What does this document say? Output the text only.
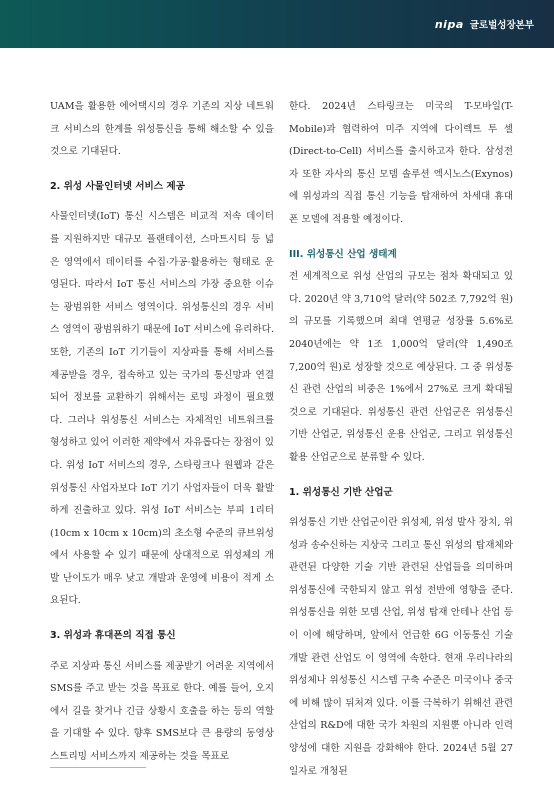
nipa 글로벌성장본부

UAM을 활용한 에어택시의 경우 기존의 지상 네트워크 서비스의 한계를 위성통신을 통해 해소할 수 있을 것으로 기대된다.

2. 위성 사물인터넷 서비스 제공

사물인터넷(IoT) 통신 시스템은 비교적 저속 데이터를 지원하지만 대규모 플랜테이션, 스마트시티 등 넓은 영역에서 데이터를 수집·가공·활용하는 형태로 운영된다. 따라서 IoT 통신 서비스의 가장 중요한 이슈는 광범위한 서비스 영역이다. 위성통신의 경우 서비스 영역이 광범위하기 때문에 IoT 서비스에 유리하다. 또한, 기존의 IoT 기기들이 지상파를 통해 서비스를 제공받을 경우, 접속하고 있는 국가의 통신망과 연결되어 정보를 교환하기 위해서는 로밍 과정이 필요했다. 그러나 위성통신 서비스는 자체적인 네트워크를 형성하고 있어 이러한 제약에서 자유롭다는 장점이 있다. 위성 IoT 서비스의 경우, 스타링크나 원웹과 같은 위성통신 사업자보다 IoT 기기 사업자들이 더욱 활발하게 진출하고 있다. 위성 IoT 서비스는 부피 1리터(10cm x 10cm x 10cm)의 초소형 수준의 큐브위성에서 사용할 수 있기 때문에 상대적으로 위성체의 개발 난이도가 매우 낮고 개발과 운영에 비용이 적게 소요된다.

3. 위성과 휴대폰의 직접 통신

주로 지상파 통신 서비스를 제공받기 어려운 지역에서 SMS를 주고 받는 것을 목표로 한다. 예를 들어, 오지에서 길을 찾거나 긴급 상황시 호출을 하는 등의 역할을 기대할 수 있다. 향후 SMS보다 큰 용량의 동영상 스트리밍 서비스까지 제공하는 것을 목표로

한다. 2024년 스타링크는 미국의 T-모바일(T-Mobile)과 협력하여 미주 지역에 다이렉트 투 셀(Direct-to-Cell) 서비스를 출시하고자 한다. 삼성전자 또한 자사의 통신 모뎀 솔루션 엑시노스(Exynos)에 위성과의 직접 통신 기능을 탑재하여 차세대 휴대폰 모델에 적용할 예정이다.

III. 위성통신 산업 생태계

전 세계적으로 위성 산업의 규모는 점차 확대되고 있다. 2020년 약 3,710억 달러(약 502조 7,792억 원)의 규모를 기록했으며 최대 연평균 성장률 5.6%로 2040년에는 약 1조 1,000억 달러(약 1,490조 7,200억 원)로 성장할 것으로 예상된다. 그 중 위성통신 관련 산업의 비중은 1%에서 27%로 크게 확대될 것으로 기대된다. 위성통신 관련 산업군은 위성통신 기반 산업군, 위성통신 운용 산업군, 그리고 위성통신 활용 산업군으로 분류할 수 있다.

1. 위성통신 기반 산업군

위성통신 기반 산업군이란 위성체, 위성 발사 장치, 위성과 송수신하는 지상국 그리고 통신 위성의 탑재체와 관련된 다양한 기술 기반 관련된 산업들을 의미하며 위성통신에 국한되지 않고 위성 전반에 영향을 준다. 위성통신을 위한 모뎀 산업, 위성 탑재 안테나 산업 등이 이에 해당하며, 앞에서 언급한 6G 이동통신 기술 개발 관련 산업도 이 영역에 속한다. 현재 우리나라의 위성체나 위성통신 시스템 구축 수준은 미국이나 중국에 비해 많이 뒤처져 있다. 이를 극복하기 위해선 관련 산업의 R&D에 대한 국가 차원의 지원뿐 아니라 인력 양성에 대한 지원을 강화해야 한다. 2024년 5월 27일자로 개청된
